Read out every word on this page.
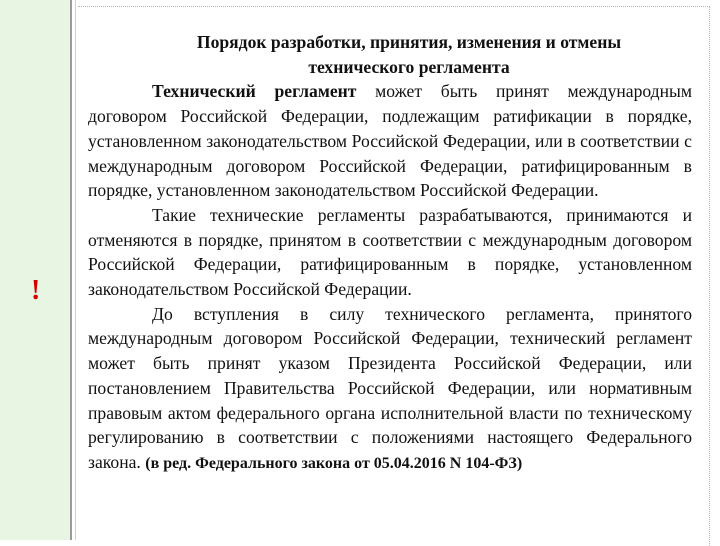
!
Порядок разработки, принятия, изменения и отмены
технического регламента

Технический регламент может быть принят международным договором Российской Федерации, подлежащим ратификации в порядке, установленном законодательством Российской Федерации, или в соответствии с международным договором Российской Федерации, ратифицированным в порядке, установленном законодательством Российской Федерации.

Такие технические регламенты разрабатываются, принимаются и отменяются в порядке, принятом в соответствии с международным договором Российской Федерации, ратифицированным в порядке, установленном законодательством Российской Федерации.

До вступления в силу технического регламента, принятого международным договором Российской Федерации, технический регламент может быть принят указом Президента Российской Федерации, или постановлением Правительства Российской Федерации, или нормативным правовым актом федерального органа исполнительной власти по техническому регулированию в соответствии с положениями настоящего Федерального закона. (в ред. Федерального закона от 05.04.2016 N 104-ФЗ)
